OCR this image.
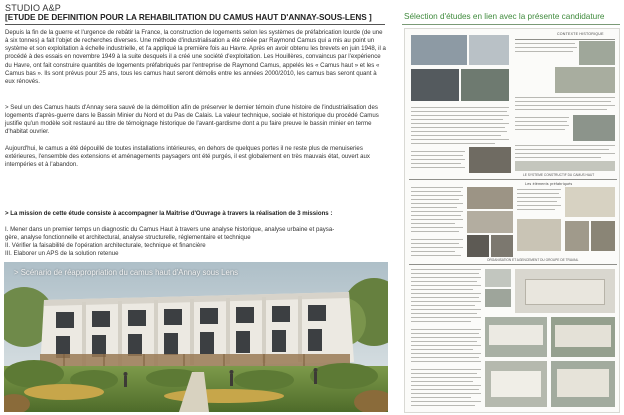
STUDIO A&P
[ETUDE DE DEFINITION POUR LA REHABILITATION DU CAMUS HAUT D'ANNAY-SOUS-LENS ]	Sélection d'études en lien avec la présente candidature
Depuis la fin de la guerre et l'urgence de rebâtir la France, la construction de logements selon les systèmes de préfabrication lourde (de une à six tonnes) a fait l'objet de recherches diverses. Une méthode d'industrialisation a été créée par Raymond Camus qui a mis au point un système et son exploitation à échelle industrielle, et l'a appliqué la première fois au Havre. Après en avoir obtenu les brevets en juin 1948, il a procédé à des essais en novembre 1949 à la suite desquels il a créé une société d'exploitation. Les Houillères, convaincus par l'expérience du Havre, ont fait construire quantités de logements préfabriqués par l'entreprise de Raymond Camus, appelés les « Camus haut » et les « Camus bas ». Ils sont prévus pour 25 ans, tous les camus haut seront démolis entre les années 2000/2010, les camus bas seront quant à eux rénovés.
> Seul un des Camus hauts d'Annay sera sauvé de la démolition afin de préserver le dernier témoin d'une histoire de l'industrialisation des logements d'après-guerre dans le Bassin Minier du Nord et du Pas de Calais. La valeur technique, sociale et historique du procédé Camus justifie qu'un modèle soit restauré au titre de témoignage historique de l'avant-gardisme dont a pu faire preuve le bassin minier en terme d'habitat ouvrier.
Aujourd'hui, le camus a été dépouillé de toutes installations intérieures, en dehors de quelques portes il ne reste plus de menuiseries extérieures, l'ensemble des extensions et aménagements paysagers ont été purgés, il est globalement en très mauvais état, ouvert aux intempéries et à l'abandon.
> La mission de cette étude consiste à accompagner la Maîtrise d'Ouvrage à travers la réalisation de 3 missions :
I. Mener dans un premier temps un diagnostic du Camus Haut à travers une analyse historique, analyse urbaine et paysa-
gère, analyse fonctionnelle et architectural, analyse structurelle, réglementaire et technique
II. Vérifier la faisabilité de l'opération architecturale, technique et financière
III. Elaborer un APS de la solution retenue
> Scénario de réappropriation du camus haut d'Annay sous Lens
CONTEXTE HISTORIQUE
LE SYSTEME CONSTRUCTIF DU CAMUS HAUT
Les éléments préfabriqués
ORGANISATION ET AGENCEMENT DU GROUPE DE TRAVAIL
